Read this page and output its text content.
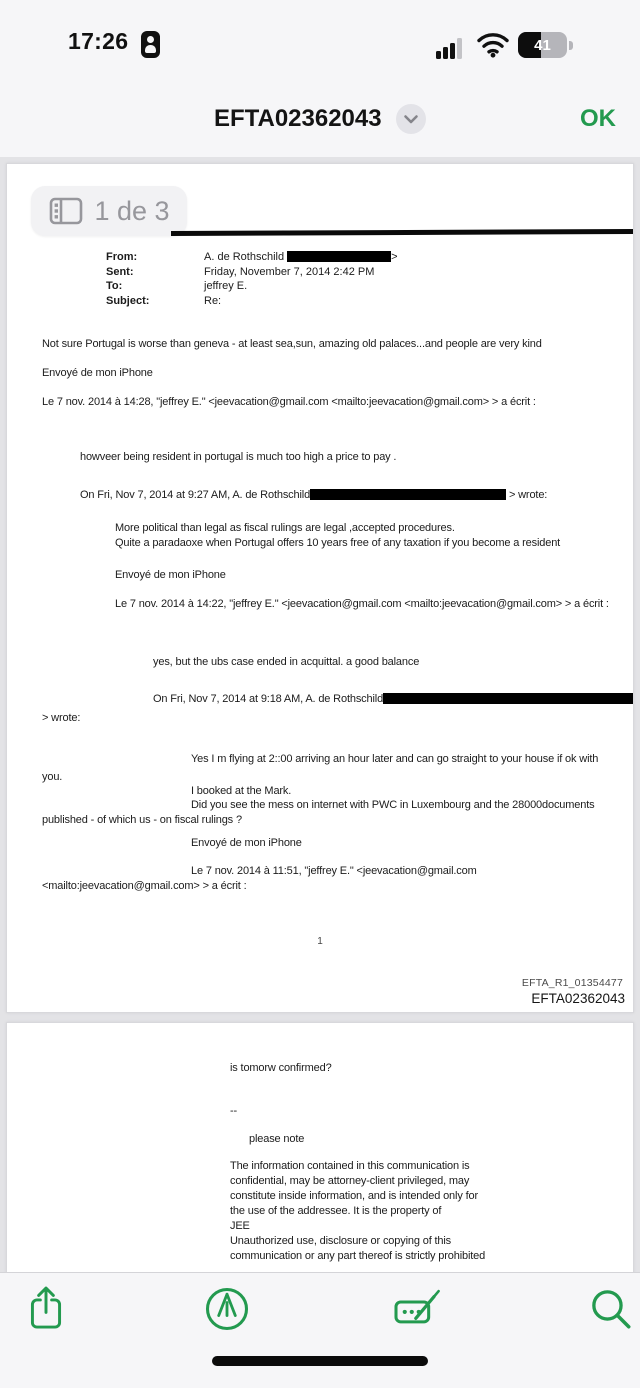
17:26	41
EFTA02362043	OK
1 de 3
From:	A. de Rothschild	>
Sent:	Friday, November 7, 2014 2:42 PM
To:	jeffrey E.
Subject:	Re:
Not sure Portugal is worse than geneva - at least sea,sun, amazing old palaces...and people are very kind
Envoyé de mon iPhone
Le 7 nov. 2014 à 14:28, "jeffrey E." <jeevacation@gmail.com <mailto:jeevacation@gmail.com> > a écrit :
howveer being resident in portugal is much too high a price to pay .
On Fri, Nov 7, 2014 at 9:27 AM, A. de Rothschild	> wrote:
More political than legal as fiscal rulings are legal ,accepted procedures.
Quite a paradaoxe when Portugal offers 10 years free of any taxation if you become a resident
Envoyé de mon iPhone
Le 7 nov. 2014 à 14:22, "jeffrey E." <jeevacation@gmail.com <mailto:jeevacation@gmail.com> > a écrit :
yes, but the ubs case ended in acquittal. a good balance
On Fri, Nov 7, 2014 at 9:18 AM, A. de Rothschild
> wrote:
Yes I m flying at 2::00 arriving an hour later and can go straight to your house if ok with
you.
I booked at the Mark.
Did you see the mess on internet with PWC in Luxembourg and the 28000documents
published - of which us - on fiscal rulings ?
Envoyé de mon iPhone
Le 7 nov. 2014 à 11:51, "jeffrey E." <jeevacation@gmail.com
<mailto:jeevacation@gmail.com> > a écrit :
1
EFTA_R1_01354477
EFTA02362043
is tomorw confirmed?
--
please note
The information contained in this communication is
confidential, may be attorney-client privileged, may
constitute inside information, and is intended only for
the use of the addressee. It is the property of
JEE
Unauthorized use, disclosure or copying of this
communication or any part thereof is strictly prohibited
